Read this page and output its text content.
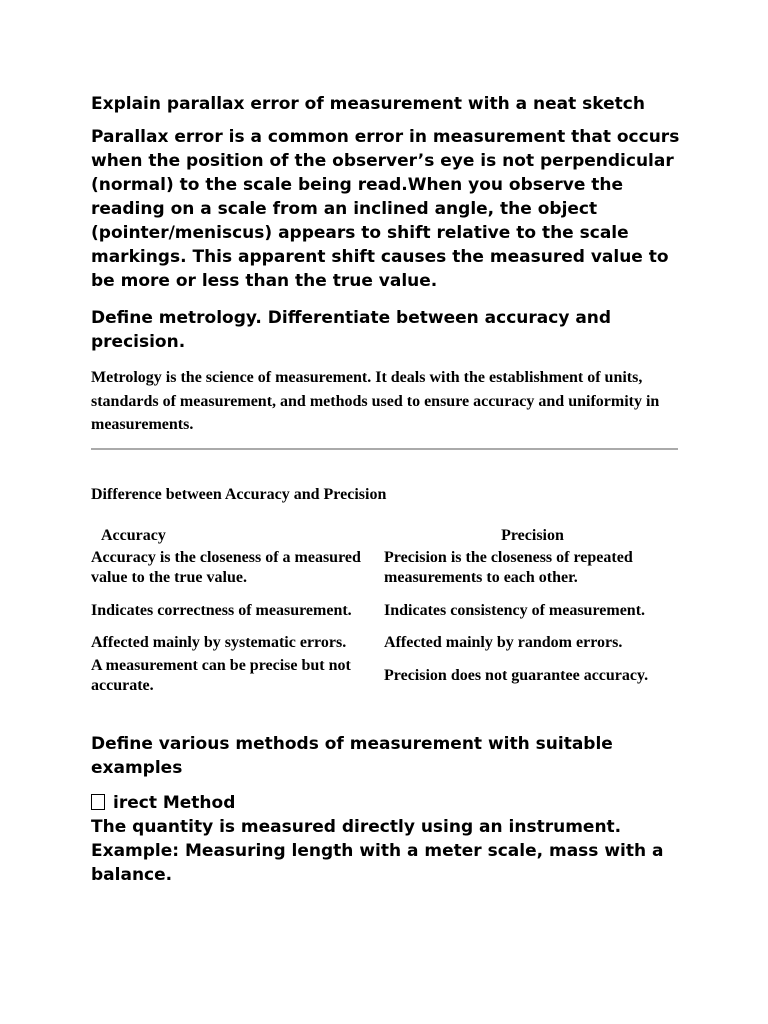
Explain parallax error of measurement with a neat sketch
Parallax error is a common error in measurement that occurs when the position of the observer’s eye is not perpendicular (normal) to the scale being read.When you observe the reading on a scale from an inclined angle, the object (pointer/meniscus) appears to shift relative to the scale markings. This apparent shift causes the measured value to be more or less than the true value.
Define metrology. Differentiate between accuracy and precision.
Metrology is the science of measurement. It deals with the establishment of units, standards of measurement, and methods used to ensure accuracy and uniformity in measurements.
Difference between Accuracy and Precision
Accuracy	Precision
Accuracy is the closeness of a measured value to the true value.	Precision is the closeness of repeated measurements to each other.
Indicates correctness of measurement.	Indicates consistency of measurement.
Affected mainly by systematic errors.	Affected mainly by random errors.
A measurement can be precise but not accurate.	Precision does not guarantee accuracy.
Define various methods of measurement with suitable examples
irect Method
The quantity is measured directly using an instrument.
Example: Measuring length with a meter scale, mass with a balance.
